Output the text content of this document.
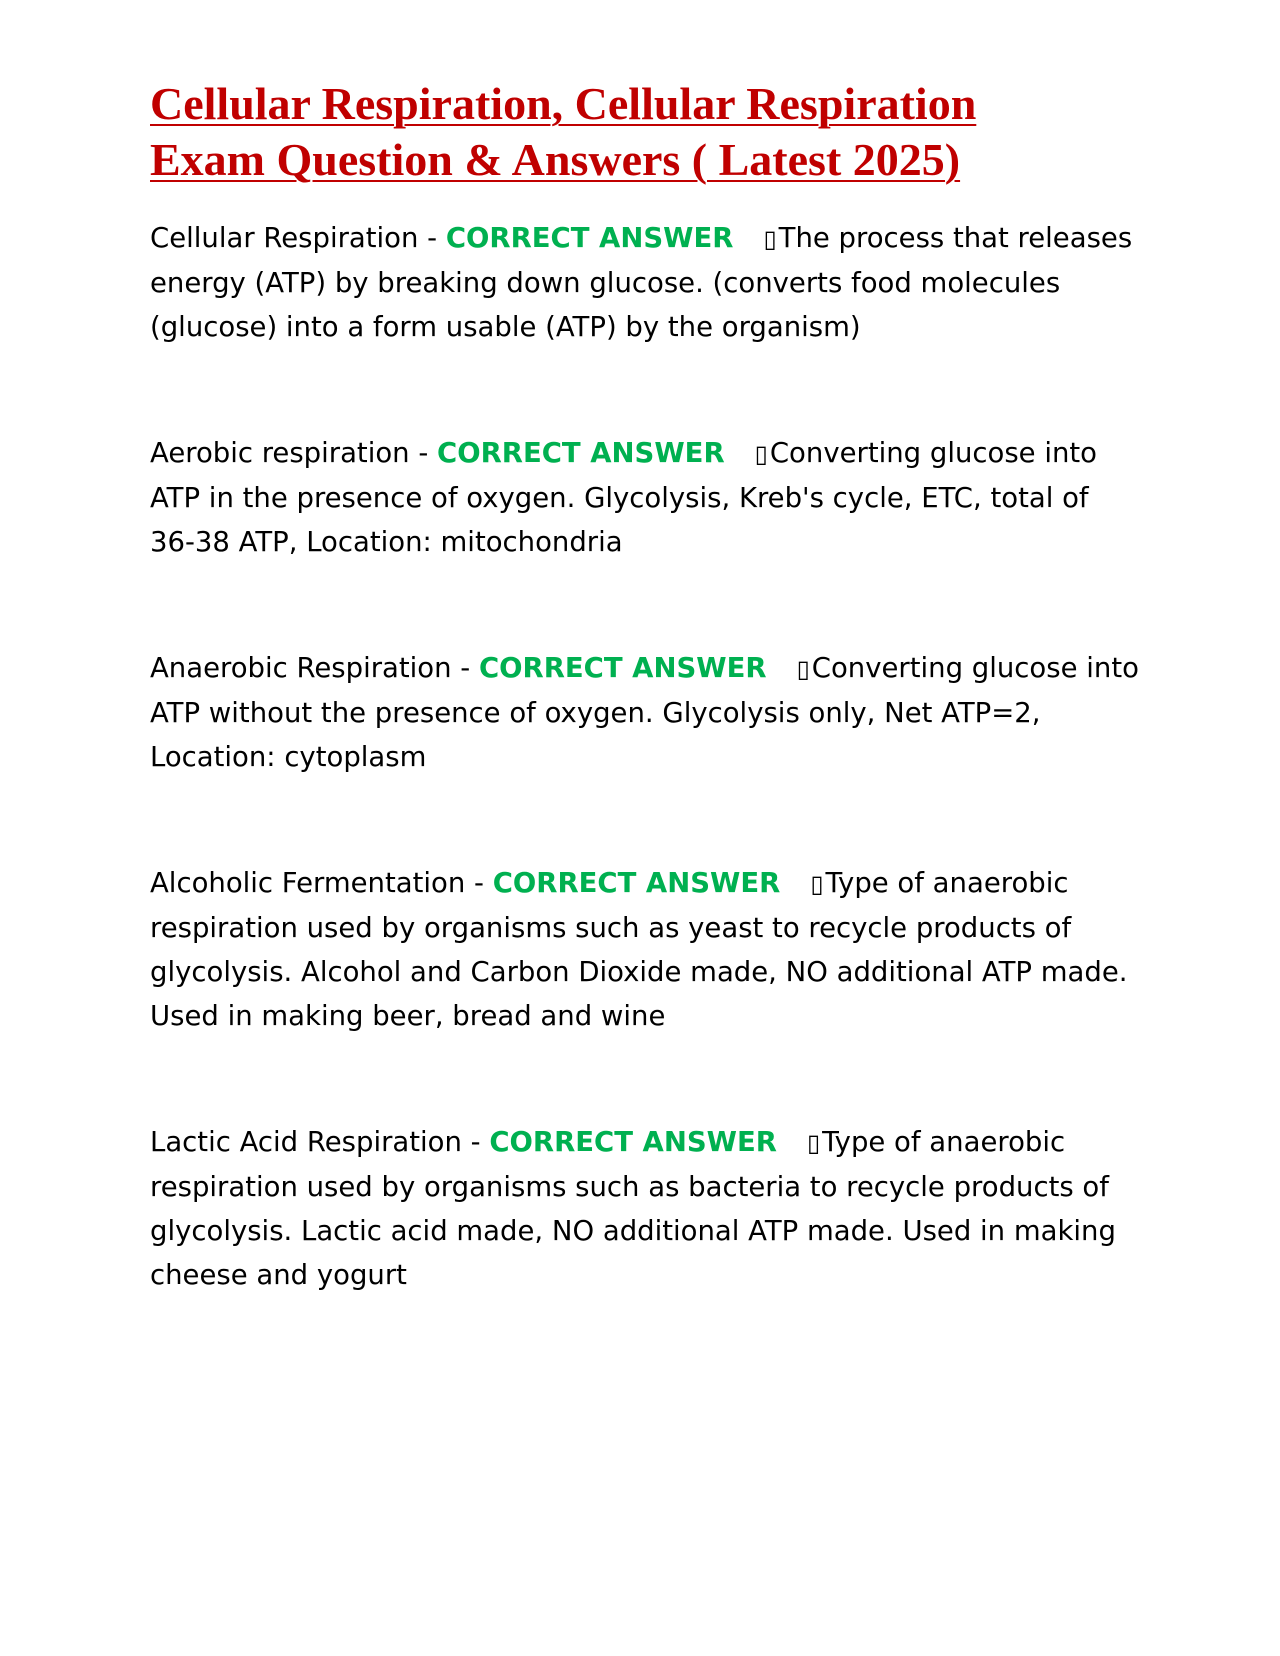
Cellular Respiration, Cellular Respiration
Exam Question & Answers ( Latest 2025)

Cellular Respiration - CORRECT ANSWER ▯The process that releases energy (ATP) by breaking down glucose. (converts food molecules (glucose) into a form usable (ATP) by the organism)

Aerobic respiration - CORRECT ANSWER ▯Converting glucose into ATP in the presence of oxygen. Glycolysis, Kreb's cycle, ETC, total of 36-38 ATP, Location: mitochondria

Anaerobic Respiration - CORRECT ANSWER ▯Converting glucose into ATP without the presence of oxygen. Glycolysis only, Net ATP=2, Location: cytoplasm

Alcoholic Fermentation - CORRECT ANSWER ▯Type of anaerobic respiration used by organisms such as yeast to recycle products of glycolysis. Alcohol and Carbon Dioxide made, NO additional ATP made. Used in making beer, bread and wine

Lactic Acid Respiration - CORRECT ANSWER ▯Type of anaerobic respiration used by organisms such as bacteria to recycle products of glycolysis. Lactic acid made, NO additional ATP made. Used in making cheese and yogurt
